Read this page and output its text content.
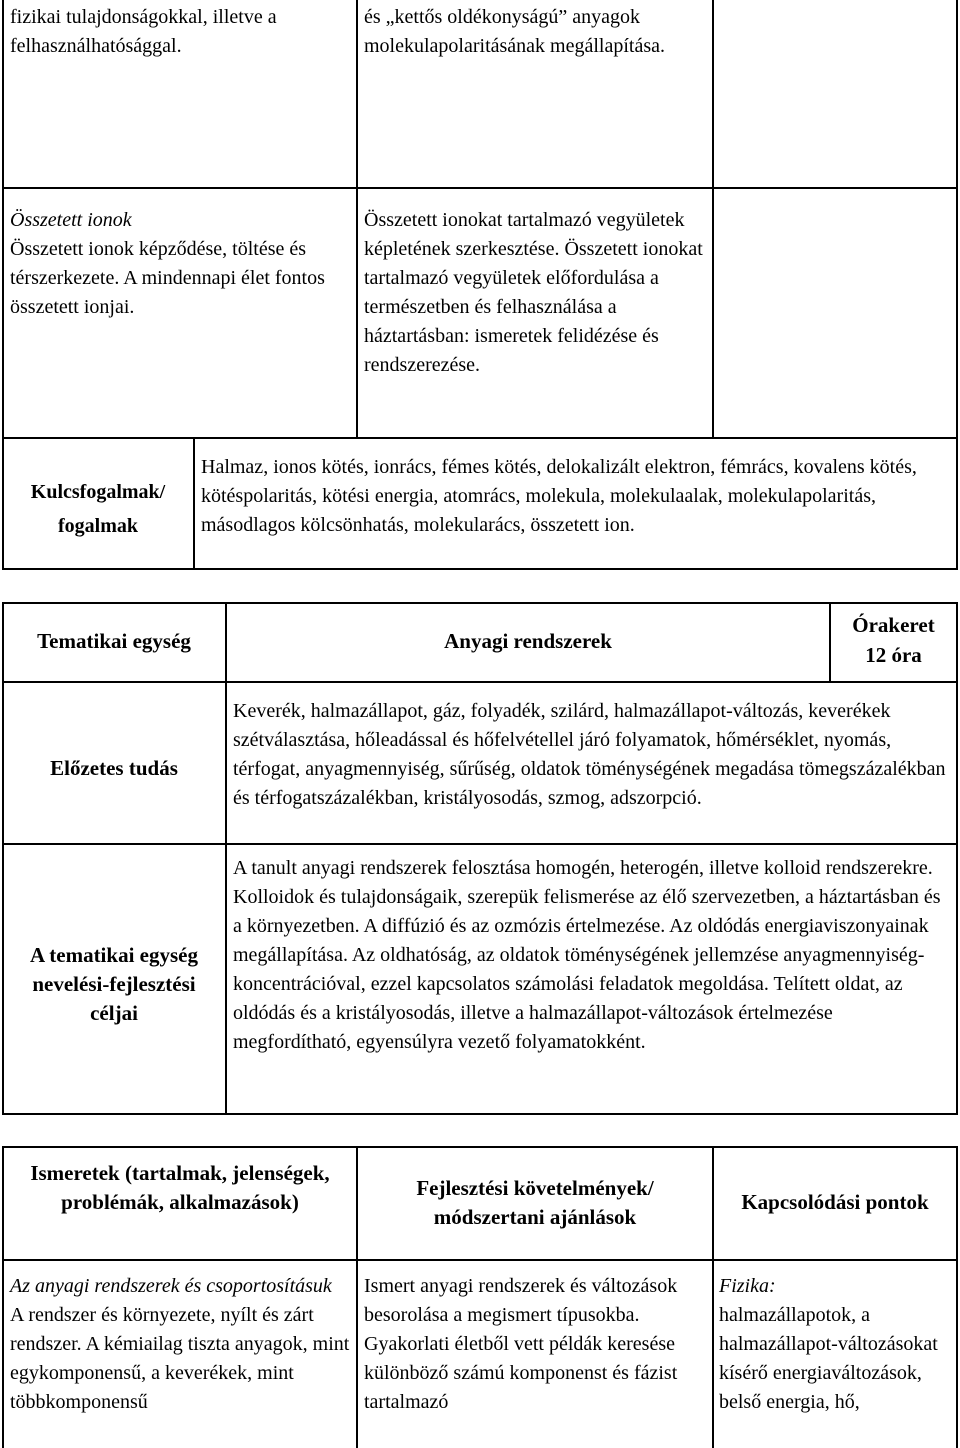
fizikai tulajdonságokkal, illetve a felhasználhatósággal.
és „kettős oldékonyságú” anyagok molekulapolaritásának megállapítása.

Összetett ionok

Összetett ionok képződése, töltése és térszerkezete. A mindennapi élet fontos összetett ionjai.

Összetett ionokat tartalmazó vegyületek képletének szerkesztése. Összetett ionokat tartalmazó vegyületek előfordulása a természetben és felhasználása a háztartásban: ismeretek felidézése és rendszerezése.
Kulcsfogalmak/ fogalmak
Halmaz, ionos kötés, ionrács, fémes kötés, delokalizált elektron, fémrács, kovalens kötés, kötéspolaritás, kötési energia, atomrács, molekula, molekulaalak, molekulapolaritás, másodlagos kölcsönhatás, molekularács, összetett ion.
Tematikai egység	Anyagi rendszerek
Órakeret
12 óra
Előzetes tudás
Keverék, halmazállapot, gáz, folyadék, szilárd, halmazállapot-változás, keverékek szétválasztása, hőleadással és hőfelvétellel járó folyamatok, hőmérséklet, nyomás, térfogat, anyagmennyiség, sűrűség, oldatok töménységének megadása tömegszázalékban és térfogatszázalékban, kristályosodás, szmog, adszorpció.
A tematikai egység nevelési-fejlesztési céljai
A tanult anyagi rendszerek felosztása homogén, heterogén, illetve kolloid rendszerekre. Kolloidok és tulajdonságaik, szerepük felismerése az élő szervezetben, a háztartásban és a környezetben. A diffúzió és az ozmózis értelmezése. Az oldódás energiaviszonyainak megállapítása. Az oldhatóság, az oldatok töménységének jellemzése anyagmennyiség-koncentrációval, ezzel kapcsolatos számolási feladatok megoldása. Telített oldat, az oldódás és a kristályosodás, illetve a halmazállapot-változások értelmezése megfordítható, egyensúlyra vezető folyamatokként.
Ismeretek (tartalmak, jelenségek, problémák, alkalmazások)
Fejlesztési követelmények/ módszertani ajánlások
Kapcsolódási pontok

Az anyagi rendszerek és csoportosításuk

A rendszer és környezete, nyílt és zárt rendszer. A kémiailag tiszta anyagok, mint egykomponensű, a keverékek, mint többkomponensű

Ismert anyagi rendszerek és változások besorolása a megismert típusokba. Gyakorlati életből vett példák keresése különböző számú komponenst és fázist tartalmazó

Fizika:

halmazállapotok, a halmazállapot-változásokat kísérő energiaváltozások, belső energia, hő,
